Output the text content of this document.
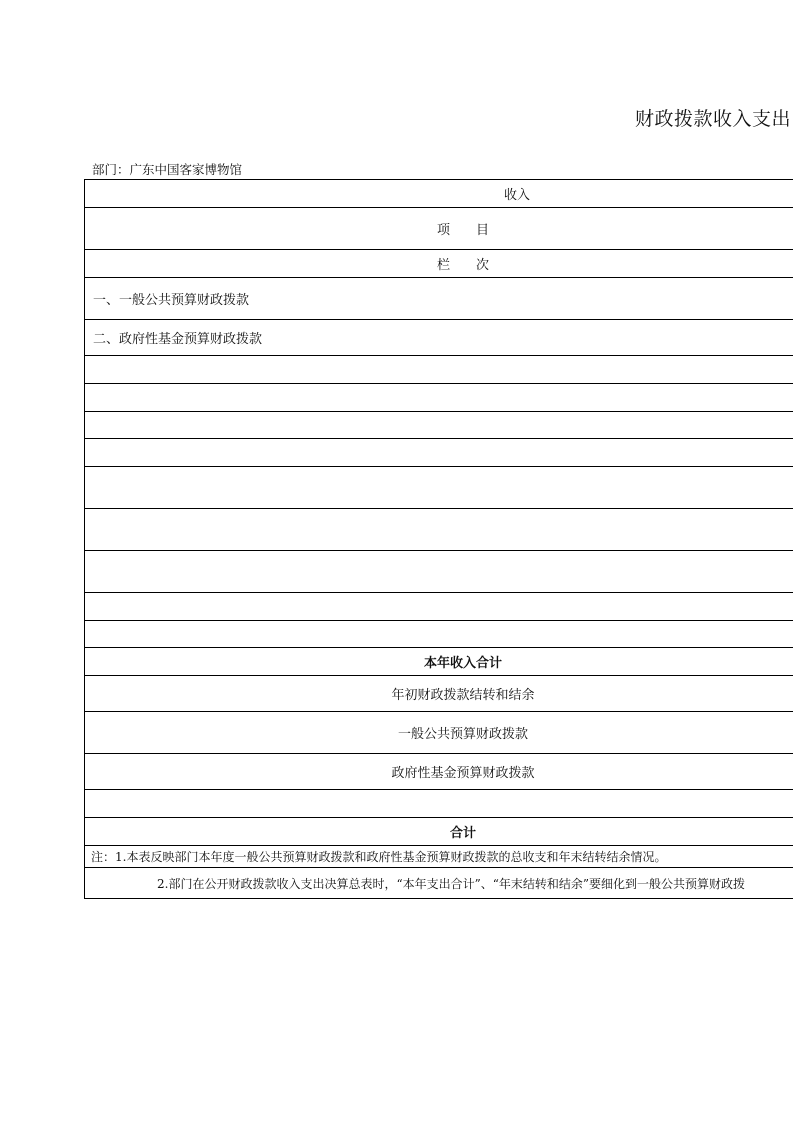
财政拨款收入支出
部门：广东中国客家博物馆
收入
项　　目
栏　　次
一、一般公共预算财政拨款
二、政府性基金预算财政拨款
本年收入合计
年初财政拨款结转和结余
一般公共预算财政拨款
政府性基金预算财政拨款
合计
注：1.本表反映部门本年度一般公共预算财政拨款和政府性基金预算财政拨款的总收支和年末结转结余情况。
2.部门在公开财政拨款收入支出决算总表时，“本年支出合计”、“年末结转和结余”要细化到一般公共预算财政拨
